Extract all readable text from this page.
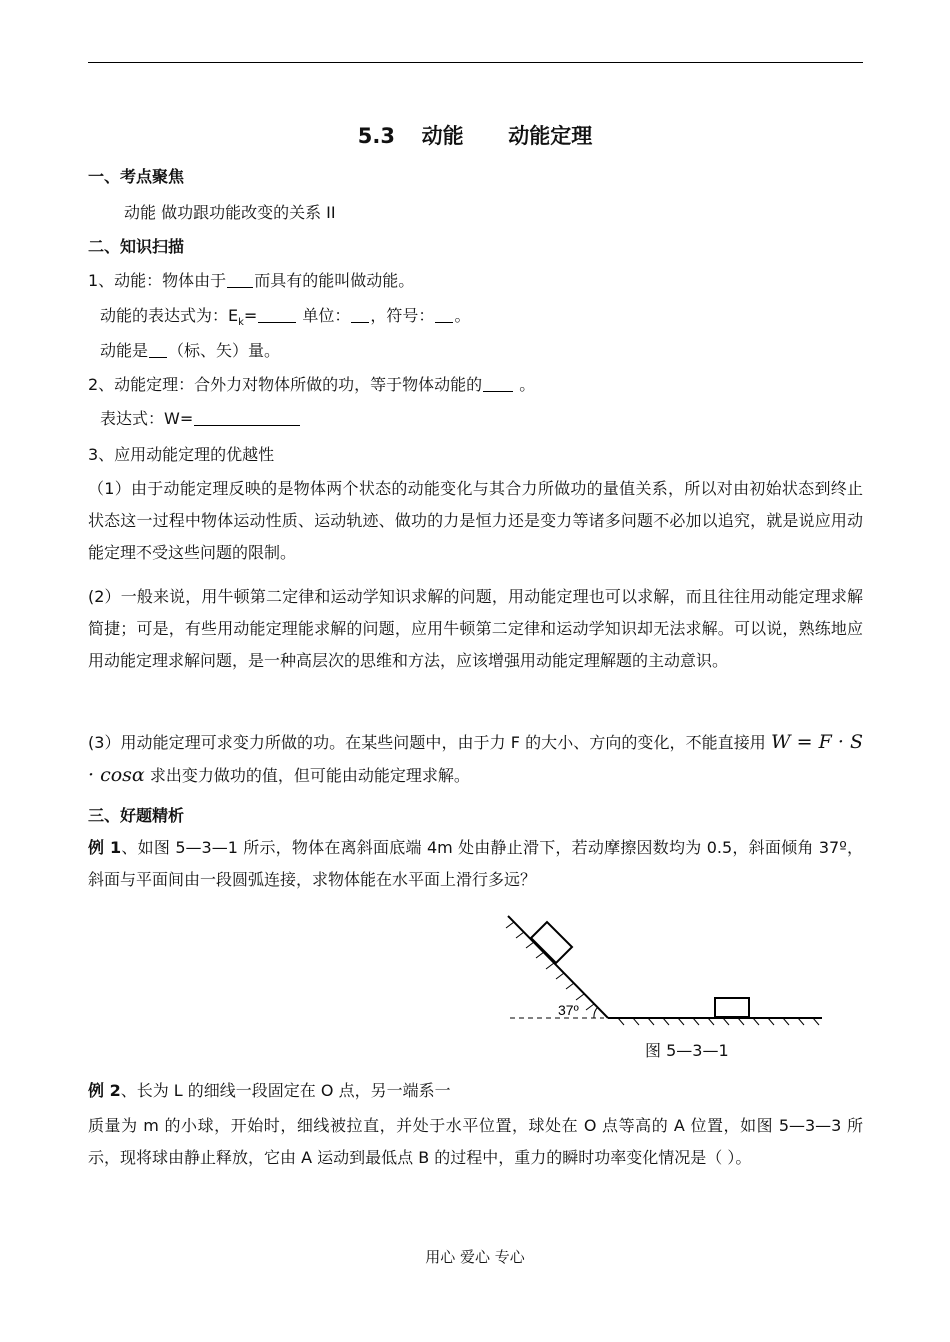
5.3 动能 动能定理
一、考点聚焦
动能 做功跟功能改变的关系 II
二、知识扫描
1、动能：物体由于 而具有的能叫做动能。
动能的表达式为：$E_k=$	单位： ，符号： 。
动能是 （标、矢）量。
2、动能定理：合外力对物体所做的功，等于物体动能的 。
表达式：W=
3、应用动能定理的优越性
（1）由于动能定理反映的是物体两个状态的动能变化与其合力所做功的量值关系，所以对由初始状态到终止状态这一过程中物体运动性质、运动轨迹、做功的力是恒力还是变力等诸多问题不必加以追究，就是说应用动能定理不受这些问题的限制。
(2）一般来说，用牛顿第二定律和运动学知识求解的问题，用动能定理也可以求解，而且往往用动能定理求解简捷；可是，有些用动能定理能求解的问题，应用牛顿第二定律和运动学知识却无法求解。可以说，熟练地应用动能定理求解问题，是一种高层次的思维和方法，应该增强用动能定理解题的主动意识。
(3）用动能定理可求变力所做的功。在某些问题中，由于力 F 的大小、方向的变化，不能直接用 W = F · S · cosα 求出变力做功的值，但可能由动能定理求解。
三、好题精析
例 1、如图 5—3—1 所示，物体在离斜面底端 4m 处由静止滑下，若动摩擦因数均为 0.5，斜面倾角 37º，斜面与平面间由一段圆弧连接，求物体能在水平面上滑行多远？
37º
图 5—3—1
例 2、长为 L 的细线一段固定在 O 点，另一端系一
质量为 m 的小球，开始时，细线被拉直，并处于水平位置，球处在 O 点等高的 A 位置，如图 5—3—3 所示，现将球由静止释放，它由 A 运动到最低点 B 的过程中，重力的瞬时功率变化情况是（ ）。
用心 爱心 专心
